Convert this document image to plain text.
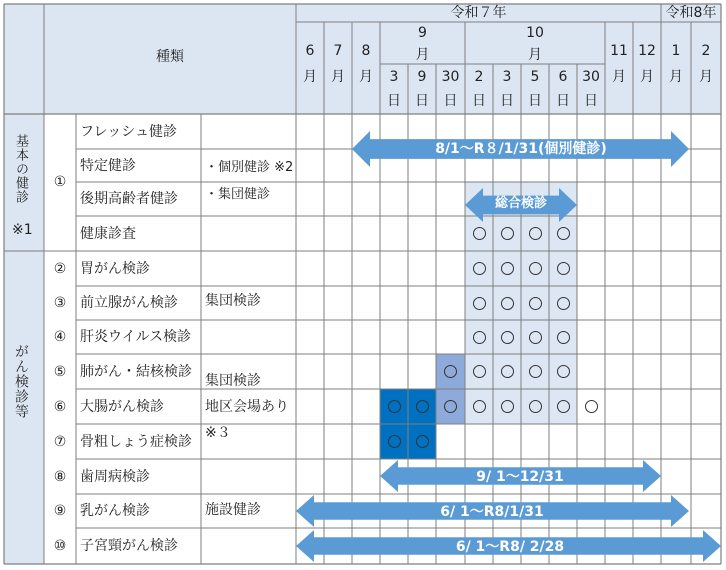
種類
令和７年	令和8年
6
月
7
月
8
月
9
月
10
月	11
月
12
月
1
月
2
月
3
日
9
日
30
日
2
日
3
日
5
日
6
日
30
日
基本の健診
※1
がん検診等
①
フレッシュ健診
特定健診
後期高齢者健診
健康診査
② 胃がん検診
③ 前立腺がん検診
④ 肝炎ウイルス検診
⑤ 肺がん・結核検診
⑥ 大腸がん検診
⑦ 骨粗しょう症検診
⑧ 歯周病検診
⑨ 乳がん検診
⑩ 子宮頸がん検診
・個別健診 ※2
・集団健診
集団検診
集団検診
地区会場あり
※３
施設健診
8/1～R８/1/31(個別健診)
総合検診
9/ 1～12/31
6/ 1～R8/1/31
6/ 1～R8/ 2/28
